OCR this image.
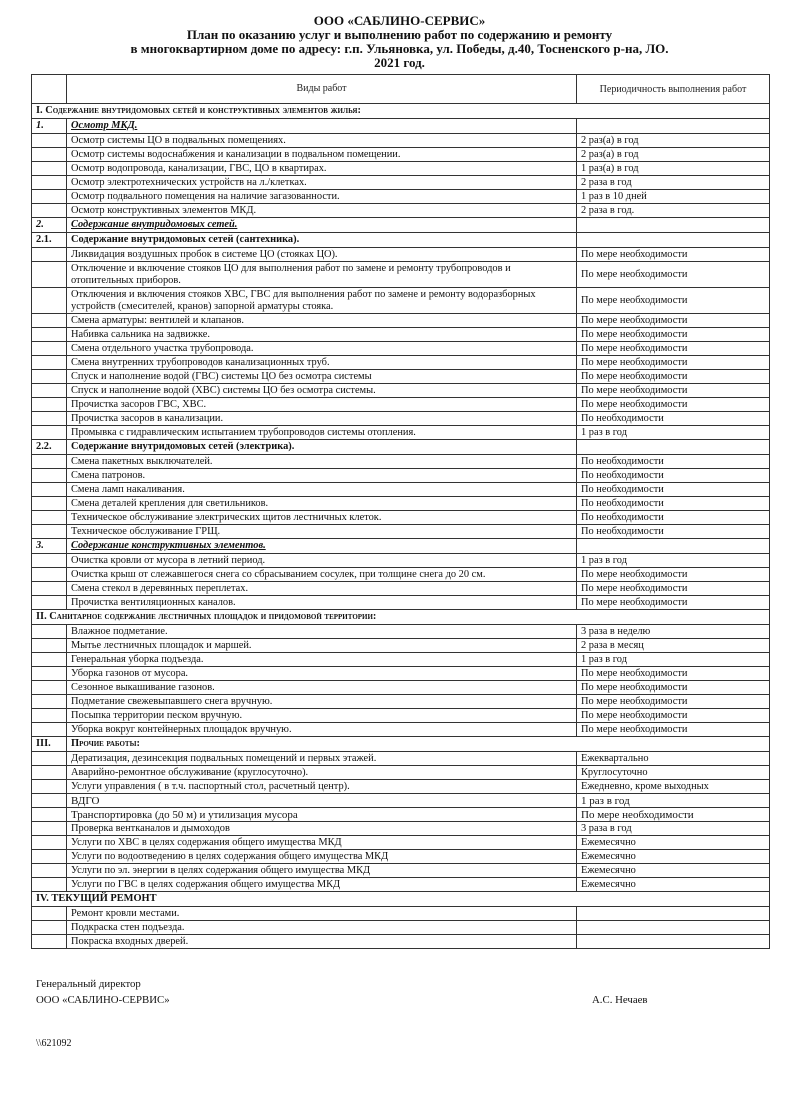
ООО «САБЛИНО-СЕРВИС»
План по оказанию услуг и выполнению работ по содержанию и ремонту
в многоквартирном доме по адресу: г.п. Ульяновка, ул. Победы, д.40, Тосненского р-на, ЛО.
2021 год.
	Виды работ	Периодичность выполнения работ
I. Содержание внутридомовых сетей и конструктивных элементов жилья:		
1.	Осмотр МКД.	
	Осмотр системы ЦО в подвальных помещениях.	2 раз(а) в год
	Осмотр системы водоснабжения и канализации в подвальном помещении.	2 раз(а) в год
	Осмотр водопровода, канализации, ГВС, ЦО в квартирах.	1 раз(а) в год
	Осмотр электротехнических устройств на л./клетках.	2 раза в год
	Осмотр подвального помещения на наличие загазованности.	1 раз в 10 дней
	Осмотр конструктивных элементов МКД.	2 раза в год.
2.	Содержание внутридомовых сетей.	
2.1.	Содержание внутридомовых сетей (сантехника).	
	Ликвидация воздушных пробок в системе ЦО (стояках ЦО).	По мере необходимости
	Отключение и включение стояков ЦО для выполнения работ по замене и ремонту трубопроводов и отопительных приборов.	По мере необходимости
	Отключения и включения стояков ХВС, ГВС для выполнения работ по замене и ремонту водоразборных устройств (смесителей, кранов) запорной арматуры стояка.	По мере необходимости
	Смена арматуры: вентилей и клапанов.	По мере необходимости
	Набивка сальника на задвижке.	По мере необходимости
	Смена отдельного участка трубопровода.	По мере необходимости
	Смена внутренних трубопроводов канализационных труб.	По мере необходимости
	Спуск и наполнение водой (ГВС) системы ЦО без осмотра системы	По мере необходимости
	Спуск и наполнение водой (ХВС) системы ЦО без осмотра системы.	По мере необходимости
	Прочистка засоров ГВС, ХВС.	По мере необходимости
	Прочистка засоров в канализации.	По необходимости
	Промывка с гидравлическим испытанием трубопроводов системы отопления.	1 раз в год
2.2.	Содержание внутридомовых сетей (электрика).	
	Смена пакетных выключателей.	По необходимости
	Смена патронов.	По необходимости
	Смена ламп накаливания.	По необходимости
	Смена деталей крепления для светильников.	По необходимости
	Техническое обслуживание электрических щитов лестничных клеток.	По необходимости
	Техническое обслуживание ГРЩ.	По необходимости
3.	Содержание конструктивных элементов.	
	Очистка кровли от мусора в летний период.	1 раз в год
	Очистка крыш от слежавшегося снега со сбрасыванием сосулек, при толщине снега до 20 см.	По мере необходимости
	Смена стекол в деревянных переплетах.	По мере необходимости
	Прочистка вентиляционных каналов.	По мере необходимости
II. Санитарное содержание лестничных площадок и придомовой территории:		
	Влажное подметание.	3 раза в неделю
	Мытье лестничных площадок и маршей.	2 раза в месяц
	Генеральная уборка подъезда.	1 раз в год
	Уборка газонов от мусора.	По мере необходимости
	Сезонное выкашивание газонов.	По мере необходимости
	Подметание свежевыпавшего снега вручную.	По мере необходимости
	Посыпка территории песком вручную.	По мере необходимости
	Уборка вокруг контейнерных площадок вручную.	По мере необходимости
III.	Прочие работы:	
	Дератизация, дезинсекция подвальных помещений и первых этажей.	Ежеквартально
	Аварийно-ремонтное обслуживание (круглосуточно).	Круглосуточно
	Услуги управления ( в т.ч. паспортный стол, расчетный центр).	Ежедневно, кроме выходных
	ВДГО	1 раз в год
	Транспортировка (до 50 м) и утилизация мусора	По мере необходимости
	Проверка вентканалов и дымоходов	3 раза в год
	Услуги по ХВС в целях содержания общего имущества МКД	Ежемесячно
	Услуги по водоотведению в целях содержания общего имущества МКД	Ежемесячно
	Услуги по эл. энергии в целях содержания общего имущества МКД	Ежемесячно
	Услуги по ГВС в целях содержания общего имущества МКД	Ежемесячно
IV. ТЕКУЩИЙ РЕМОНТ		
	Ремонт кровли местами.	
	Подкраска стен подъезда.	
	Покраска входных дверей.	
Генеральный директор
ООО «САБЛИНО-СЕРВИС»	А.С. Нечаев
\\621092
